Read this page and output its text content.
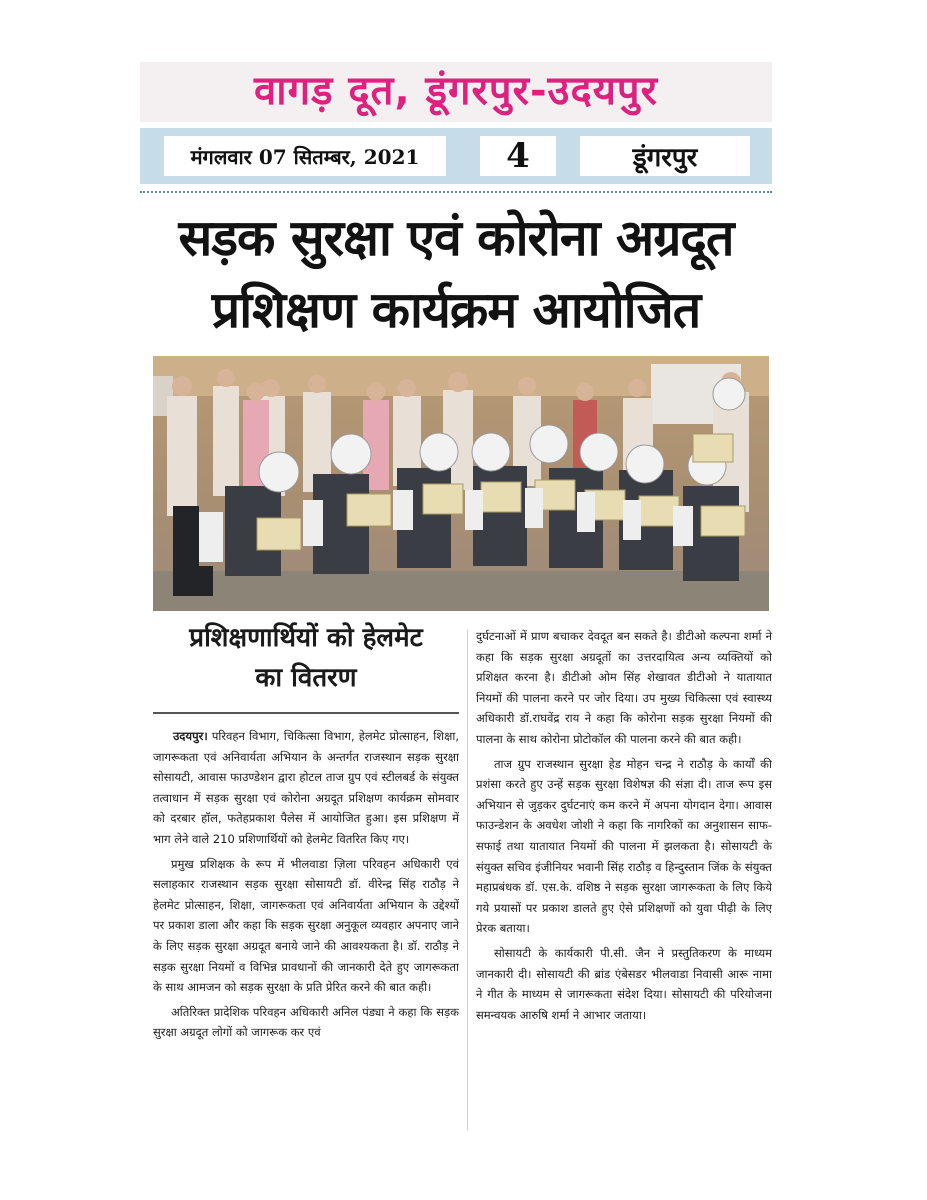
वागड़ दूत, डूंगरपुर-उदयपुर
मंगलवार 07 सितम्बर, 2021	4	डूंगरपुर
सड़क सुरक्षा एवं कोरोना अग्रदूत
प्रशिक्षण कार्यक्रम आयोजित
प्रशिक्षणार्थियों को हेलमेट
का वितरण

उदयपुर। परिवहन विभाग, चिकित्सा विभाग, हेलमेट प्रोत्साहन, शिक्षा, जागरूकता एवं अनिवार्यता अभियान के अन्तर्गत राजस्थान सड़क सुरक्षा सोसायटी, आवास फाउण्डेशन द्वारा होटल ताज ग्रुप एवं स्टीलबर्ड के संयुक्त तत्वाधान में सड़क सुरक्षा एवं कोरोना अग्रदूत प्रशिक्षण कार्यक्रम सोमवार को दरबार हॉल, फतेहप्रकाश पैलेस में आयोजित हुआ। इस प्रशिक्षण में भाग लेने वाले 210 प्रशिणार्थियों को हेलमेट वितरित किए गए।

प्रमुख प्रशिक्षक के रूप में भीलवाडा ज़िला परिवहन अधिकारी एवं सलाहकार राजस्थान सड़क सुरक्षा सोसायटी डॉ. वीरेन्द्र सिंह राठौड़ ने हेलमेट प्रोत्साहन, शिक्षा, जागरूकता एवं अनिवार्यता अभियान के उद्देश्यों पर प्रकाश डाला और कहा कि सड़क सुरक्षा अनुकूल व्यवहार अपनाए जाने के लिए सड़क सुरक्षा अग्रदूत बनाये जाने की आवश्यकता है। डॉ. राठौड़ ने सड़क सुरक्षा नियमों व विभिन्न प्रावधानों की जानकारी देते हुए जागरूकता के साथ आमजन को सड़क सुरक्षा के प्रति प्रेरित करने की बात कही।

अतिरिक्त प्रादेशिक परिवहन अधिकारी अनिल पंड्या ने कहा कि सड़क सुरक्षा अग्रदूत लोगों को जागरूक कर एवं

दुर्घटनाओं में प्राण बचाकर देवदूत बन सकते है। डीटीओ कल्पना शर्मा ने कहा कि सड़क सुरक्षा अग्रदूतों का उत्तरदायित्व अन्य व्यक्तियों को प्रशिक्षत करना है। डीटीओ ओम सिंह शेखावत डीटीओ ने यातायात नियमों की पालना करने पर जोर दिया। उप मुख्य चिकित्सा एवं स्वास्थ्य अधिकारी डॉ.राघवेंद्र राय ने कहा कि कोरोना सड़क सुरक्षा नियमों की पालना के साथ कोरोना प्रोटोकॉल की पालना करने की बात कही।

ताज ग्रुप राजस्थान सुरक्षा हेड मोहन चन्द्र ने राठौड़ के कार्यों की प्रशंसा करते हुए उन्हें सड़क सुरक्षा विशेषज्ञ की संज्ञा दी। ताज रूप इस अभियान से जुड़कर दुर्घटनाएं कम करने में अपना योगदान देगा। आवास फाउन्डेशन के अवधेश जोशी ने कहा कि नागरिकों का अनुशासन साफ-सफाई तथा यातायात नियमों की पालना में झलकता है। सोसायटी के संयुक्त सचिव इंजीनियर भवानी सिंह राठौड़ व हिन्दुस्तान जिंक के संयुक्त महाप्रबंधक डॉ. एस.के. वशिष्ठ ने सड़क सुरक्षा जागरूकता के लिए किये गये प्रयासों पर प्रकाश डालते हुए ऐसे प्रशिक्षणों को युवा पीढ़ी के लिए प्रेरक बताया।

सोसायटी के कार्यकारी पी.सी. जैन ने प्रस्तुतिकरण के माध्यम जानकारी दी। सोसायटी की ब्रांड एंबेसडर भीलवाडा निवासी आरू नामा ने गीत के माध्यम से जागरूकता संदेश दिया। सोसायटी की परियोजना समन्वयक आरुषि शर्मा ने आभार जताया।
